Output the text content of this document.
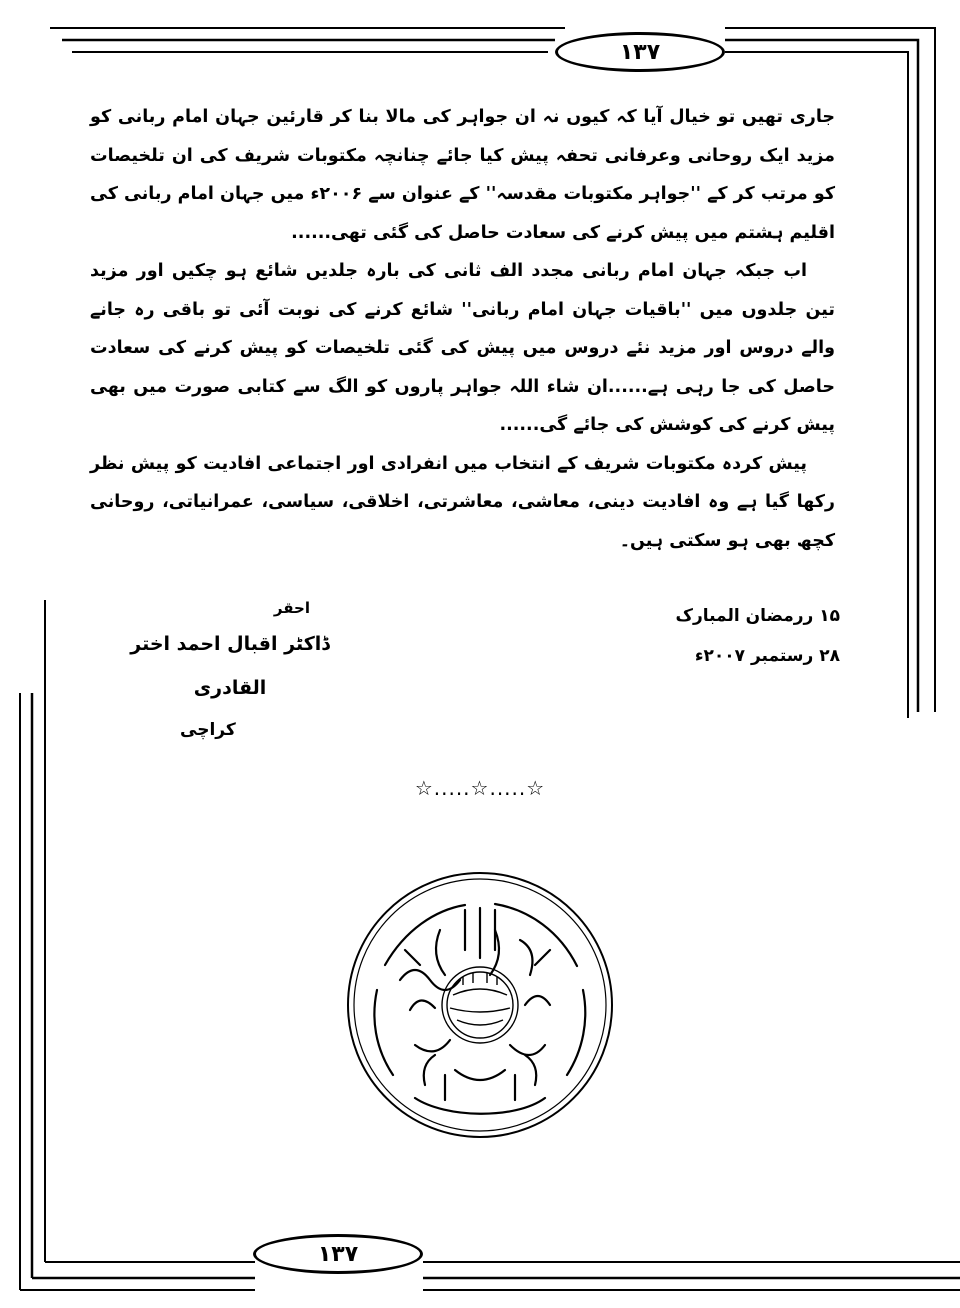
۱۳۷

جاری تھیں تو خیال آیا کہ کیوں نہ ان جواہر کی مالا بنا کر قارئین جہان امام ربانی کو مزید ایک روحانی وعرفانی تحفہ پیش کیا جائے چنانچہ مکتوبات شریف کی ان تلخیصات کو مرتب کر کے ''جواہر مکتوبات مقدسہ'' کے عنوان سے ۲۰۰۶ء میں جہان امام ربانی کی اقلیم ہشتم میں پیش کرنے کی سعادت حاصل کی گئی تھی......

اب جبکہ جہان امام ربانی مجدد الف ثانی کی بارہ جلدیں شائع ہو چکیں اور مزید تین جلدوں میں ''باقیات جہان امام ربانی'' شائع کرنے کی نوبت آئی تو باقی رہ جانے والے دروس اور مزید نئے دروس میں پیش کی گئی تلخیصات کو پیش کرنے کی سعادت حاصل کی جا رہی ہے......ان شاء اللہ جواہر پاروں کو الگ سے کتابی صورت میں بھی پیش کرنے کی کوشش کی جائے گی......

پیش کردہ مکتوبات شریف کے انتخاب میں انفرادی اور اجتماعی افادیت کو پیش نظر رکھا گیا ہے وہ افادیت دینی، معاشی، معاشرتی، اخلاقی، سیاسی، عمرانیاتی، روحانی کچھ بھی ہو سکتی ہیں۔

۱۵ ررمضان المبارک
۲۸ رستمبر ۲۰۰۷ء
احقر
ڈاکٹر اقبال احمد اختر القادری
کراچی
☆.....☆.....☆
۱۳۷
